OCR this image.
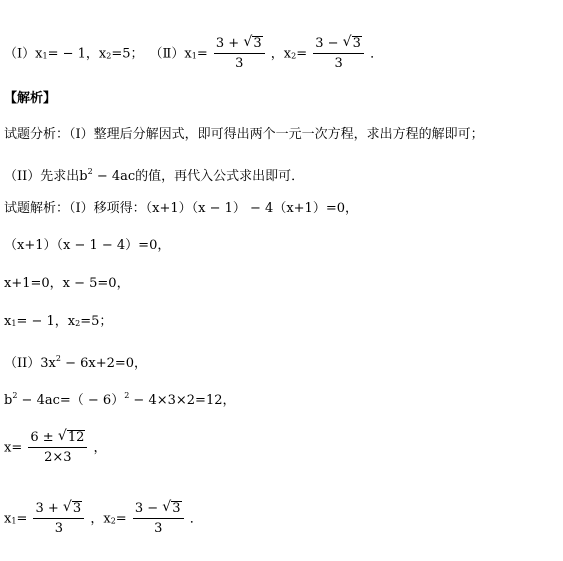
（Ⅰ）x1= − 1，x2=5； （Ⅱ）x1= $\frac{3 + √ 3}{3}$ ，$x2= \frac{3 - √ 3}{3}$ ．
【解析】
试题分析：（I）整理后分解因式，即可得出两个一元一次方程，求出方程的解即可；
（II）先求出$b^2 - 4ac$的值，再代入公式求出即可．
试题解析：（I）移项得：（x+1）（x − 1） − 4（x+1）=0，
（x+1）（x − 1 − 4）=0，
x+1=0，x − 5=0，
x1= − 1，x2=5；
$(II)3x^2 - 6x+2=0$，
$b^2 - 4ac=( - 6)^2 - 4\times 3\times 2=12$，
$x= \frac{6 \pm √ 12}{2\times 3}$ ，
$x1= \frac{3 + √ 3}{3}$ ，$x2= \frac{3 - √ 3}{3}$ ．
